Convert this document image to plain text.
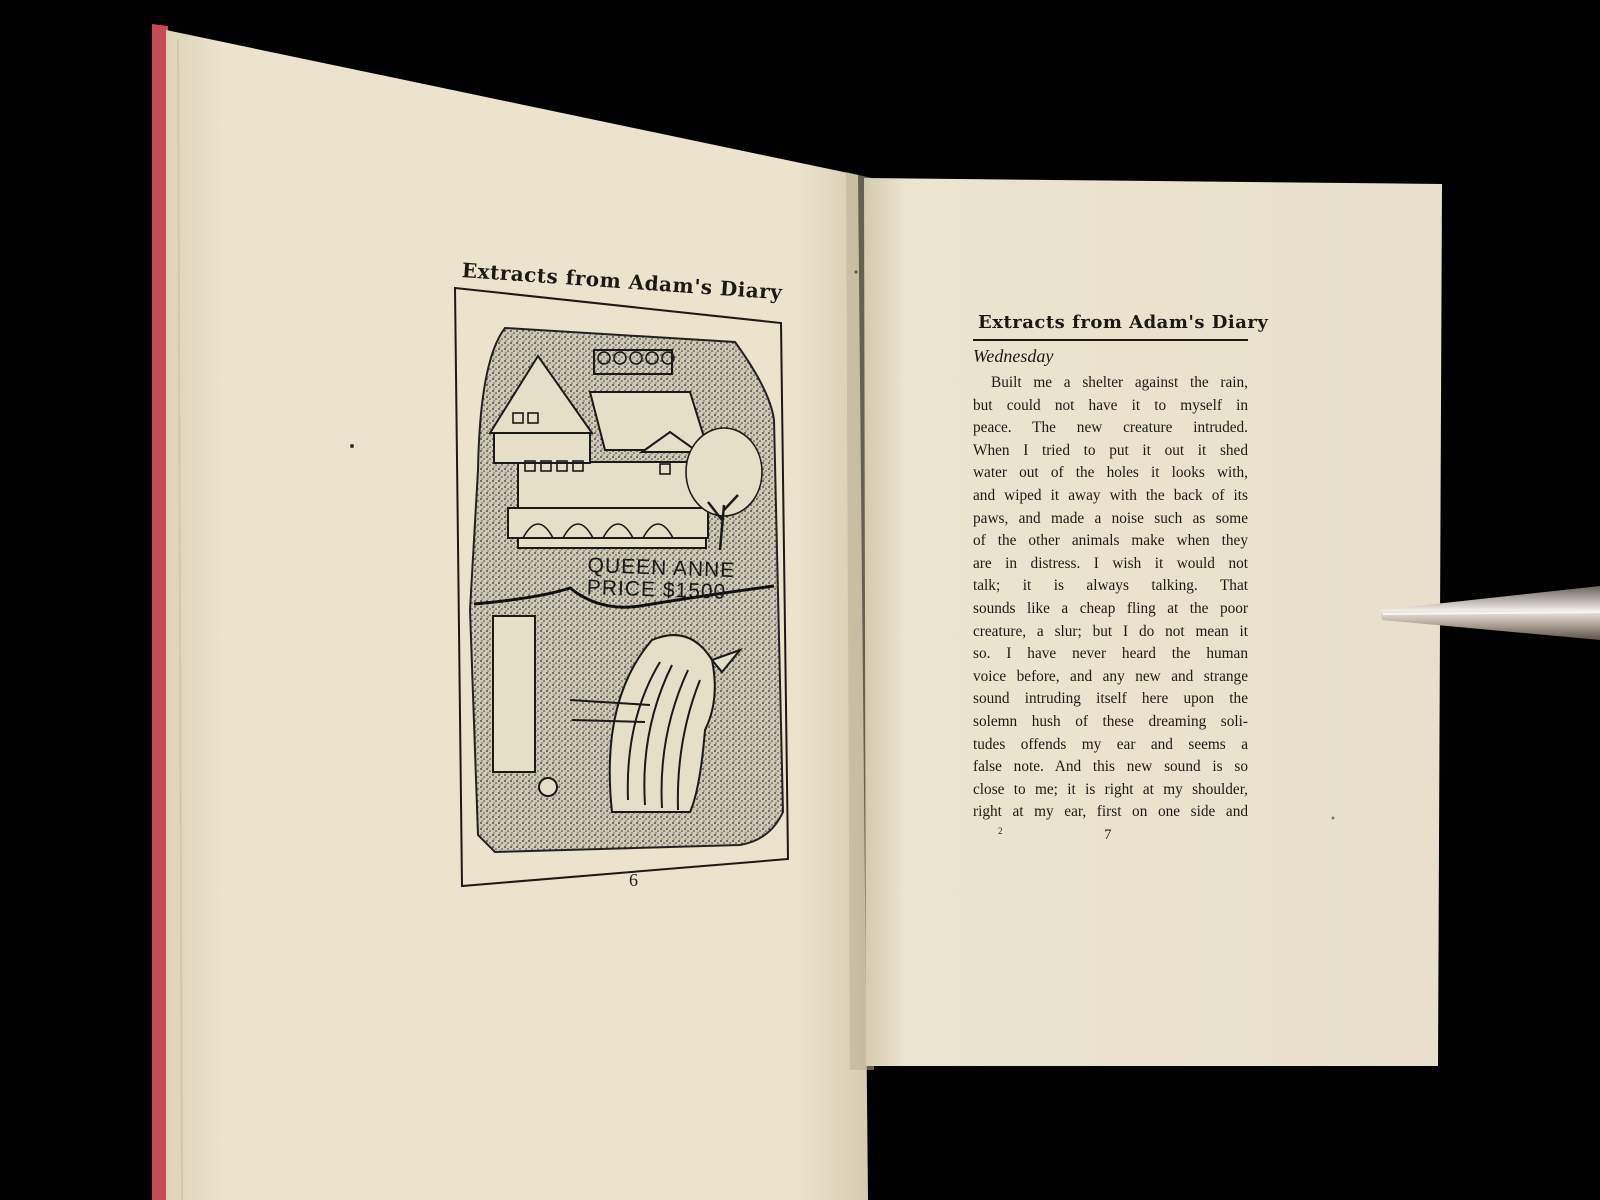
Extracts from Adam's Diary
QUEEN ANNE
PRICE $1500
6
Extracts from Adam's Diary
Wednesday
Built me a shelter against the rain,
but could not have it to myself in
peace. The new creature intruded.
When I tried to put it out it shed
water out of the holes it looks with,
and wiped it away with the back of its
paws, and made a noise such as some
of the other animals make when they
are in distress. I wish it would not
talk; it is always talking. That
sounds like a cheap fling at the poor
creature, a slur; but I do not mean it
so. I have never heard the human
voice before, and any new and strange
sound intruding itself here upon the
solemn hush of these dreaming soli-
tudes offends my ear and seems a
false note. And this new sound is so
close to me; it is right at my shoulder,
right at my ear, first on one side and
2	7
